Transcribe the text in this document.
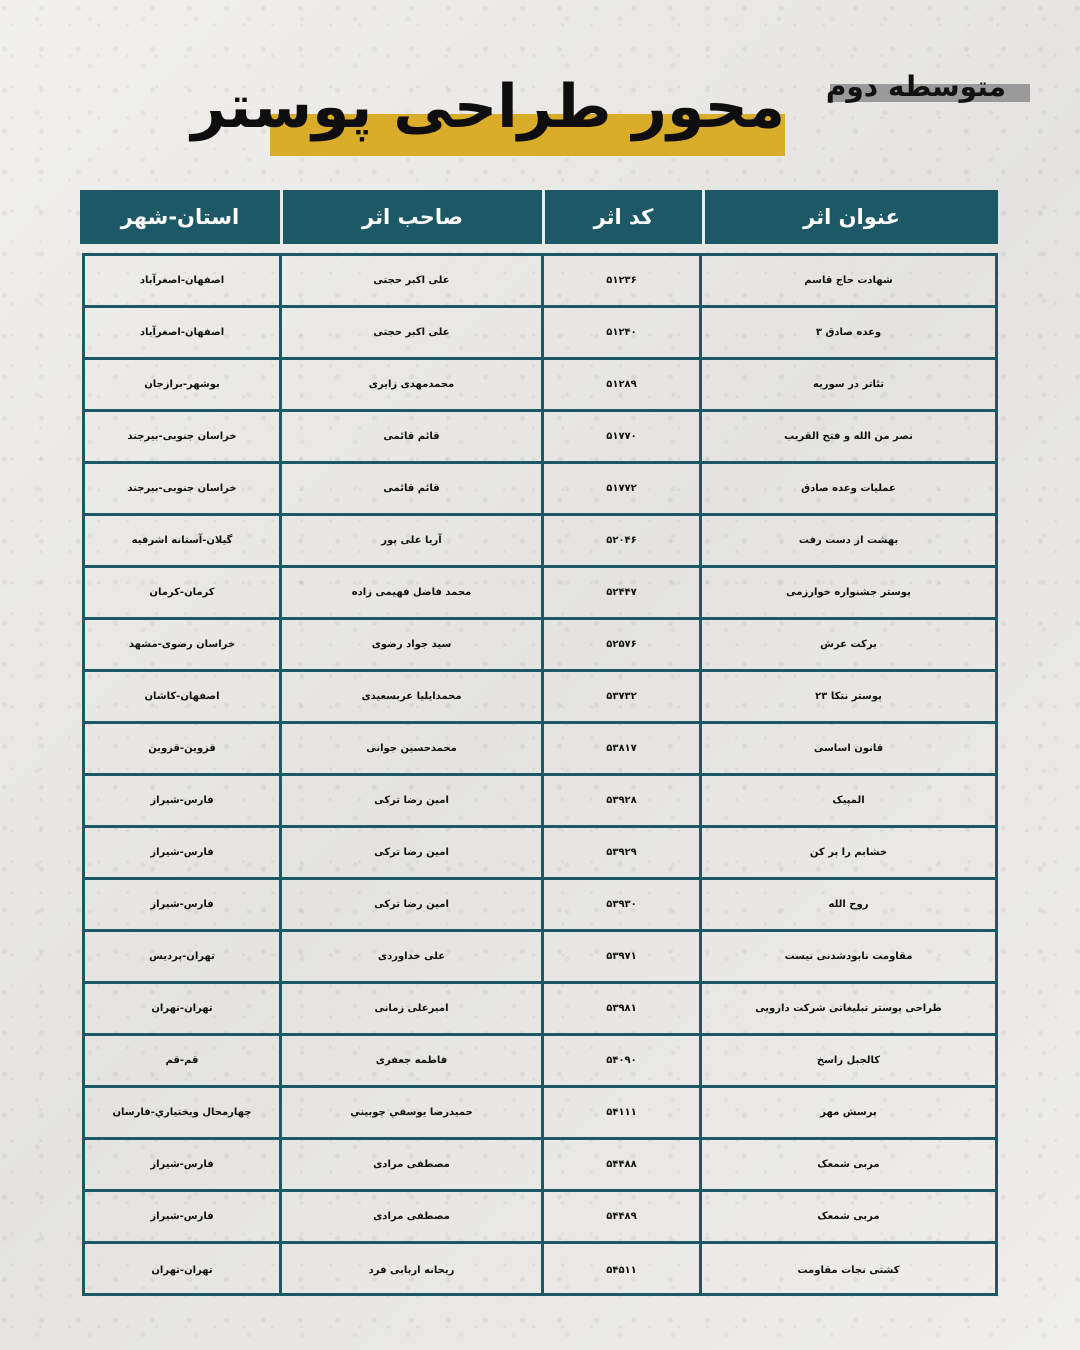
متوسطه دوم
محور طراحی پوستر
عنوان اثر
کد اثر
صاحب اثر
استان-شهر
شهادت حاج قاسم
۵۱۲۳۶
علی اکبر حجتی
اصفهان-اصغرآباد
وعده صادق ۳
۵۱۲۴۰
علی اکبر حجتی
اصفهان-اصغرآباد
تئاتر در سوریه
۵۱۲۸۹
محمدمهدی زایری
بوشهر-برازجان
نصر من الله و فتح القریب
۵۱۷۷۰
قائم قائمی
خراسان جنوبی-بیرجند
عملیات وعده صادق
۵۱۷۷۲
قائم قائمی
خراسان جنوبی-بیرجند
بهشت از دست رفت
۵۲۰۴۶
آریا علی پور
گیلان-آستانه اشرفیه
پوستر جشنواره خوارزمی
۵۲۴۴۷
محمد فاضل فهیمی زاده
کرمان-کرمان
برکت عرش
۵۲۵۷۶
سید جواد رضوی
خراسان رضوی-مشهد
پوستر نتکا ۲۳
۵۳۷۳۲
محمدایلیا عربسعیدی
اصفهان-کاشان
قانون اساسی
۵۳۸۱۷
محمدحسین جوانی
قزوین-قزوین
المپیک
۵۳۹۲۸
امین رضا ترکی
فارس-شیراز
خشابم را پر کن
۵۳۹۲۹
امین رضا ترکی
فارس-شیراز
روح الله
۵۳۹۳۰
امین رضا ترکی
فارس-شیراز
مقاومت نابودشدنی نیست
۵۳۹۷۱
علی خداوردی
تهران-پردیس
طراحی پوستر تبلیغاتی شرکت دارویی
۵۳۹۸۱
امیرعلی زمانی
تهران-تهران
کالجبل راسخ
۵۴۰۹۰
فاطمه جعفری
قم-قم
پرسش مهر
۵۴۱۱۱
حمیدرضا یوسفي چوبيني
چهارمحال وبختياري-فارسان
مربی شمعک
۵۴۴۸۸
مصطفی مرادی
فارس-شیراز
مربی شمعک
۵۴۴۸۹
مصطفی مرادی
فارس-شیراز
کشتی نجات مقاومت
۵۴۵۱۱
ریحانه اربابی فرد
تهران-تهران
